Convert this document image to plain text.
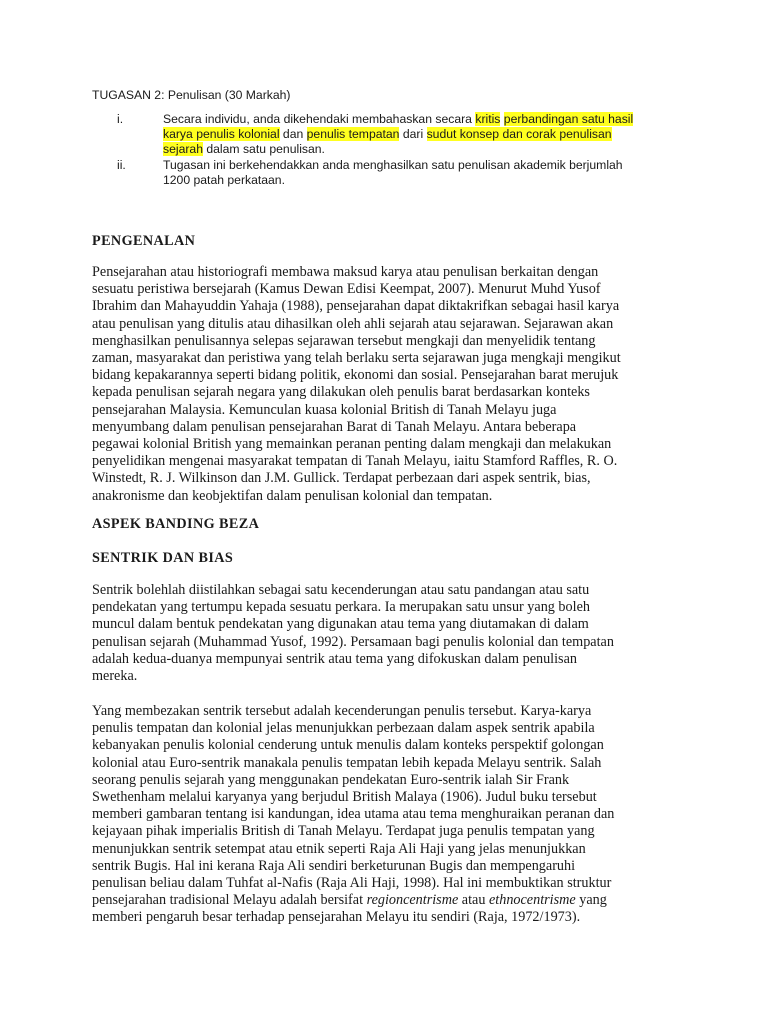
TUGASAN 2: Penulisan (30 Markah)
i.	Secara individu, anda dikehendaki membahaskan secara kritis perbandingan satu hasil
karya penulis kolonial dan penulis tempatan dari sudut konsep dan corak penulisan
sejarah dalam satu penulisan.
ii.	Tugasan ini berkehendakkan anda menghasilkan satu penulisan akademik berjumlah
1200 patah perkataan.
PENGENALAN
Pensejarahan atau historiografi membawa maksud karya atau penulisan berkaitan dengan
sesuatu peristiwa bersejarah (Kamus Dewan Edisi Keempat, 2007). Menurut Muhd Yusof
Ibrahim dan Mahayuddin Yahaja (1988), pensejarahan dapat diktakrifkan sebagai hasil karya
atau penulisan yang ditulis atau dihasilkan oleh ahli sejarah atau sejarawan. Sejarawan akan
menghasilkan penulisannya selepas sejarawan tersebut mengkaji dan menyelidik tentang
zaman, masyarakat dan peristiwa yang telah berlaku serta sejarawan juga mengkaji mengikut
bidang kepakarannya seperti bidang politik, ekonomi dan sosial. Pensejarahan barat merujuk
kepada penulisan sejarah negara yang dilakukan oleh penulis barat berdasarkan konteks
pensejarahan Malaysia. Kemunculan kuasa kolonial British di Tanah Melayu juga
menyumbang dalam penulisan pensejarahan Barat di Tanah Melayu. Antara beberapa
pegawai kolonial British yang memainkan peranan penting dalam mengkaji dan melakukan
penyelidikan mengenai masyarakat tempatan di Tanah Melayu, iaitu Stamford Raffles, R. O.
Winstedt, R. J. Wilkinson dan J.M. Gullick. Terdapat perbezaan dari aspek sentrik, bias,
anakronisme dan keobjektifan dalam penulisan kolonial dan tempatan.
ASPEK BANDING BEZA
SENTRIK DAN BIAS
Sentrik bolehlah diistilahkan sebagai satu kecenderungan atau satu pandangan atau satu
pendekatan yang tertumpu kepada sesuatu perkara. Ia merupakan satu unsur yang boleh
muncul dalam bentuk pendekatan yang digunakan atau tema yang diutamakan di dalam
penulisan sejarah (Muhammad Yusof, 1992). Persamaan bagi penulis kolonial dan tempatan
adalah kedua-duanya mempunyai sentrik atau tema yang difokuskan dalam penulisan
mereka.
Yang membezakan sentrik tersebut adalah kecenderungan penulis tersebut. Karya-karya
penulis tempatan dan kolonial jelas menunjukkan perbezaan dalam aspek sentrik apabila
kebanyakan penulis kolonial cenderung untuk menulis dalam konteks perspektif golongan
kolonial atau Euro-sentrik manakala penulis tempatan lebih kepada Melayu sentrik. Salah
seorang penulis sejarah yang menggunakan pendekatan Euro-sentrik ialah Sir Frank
Swethenham melalui karyanya yang berjudul British Malaya (1906). Judul buku tersebut
memberi gambaran tentang isi kandungan, idea utama atau tema menghuraikan peranan dan
kejayaan pihak imperialis British di Tanah Melayu. Terdapat juga penulis tempatan yang
menunjukkan sentrik setempat atau etnik seperti Raja Ali Haji yang jelas menunjukkan
sentrik Bugis. Hal ini kerana Raja Ali sendiri berketurunan Bugis dan mempengaruhi
penulisan beliau dalam Tuhfat al-Nafis (Raja Ali Haji, 1998). Hal ini membuktikan struktur
pensejarahan tradisional Melayu adalah bersifat regioncentrisme atau ethnocentrisme yang
memberi pengaruh besar terhadap pensejarahan Melayu itu sendiri (Raja, 1972/1973).
